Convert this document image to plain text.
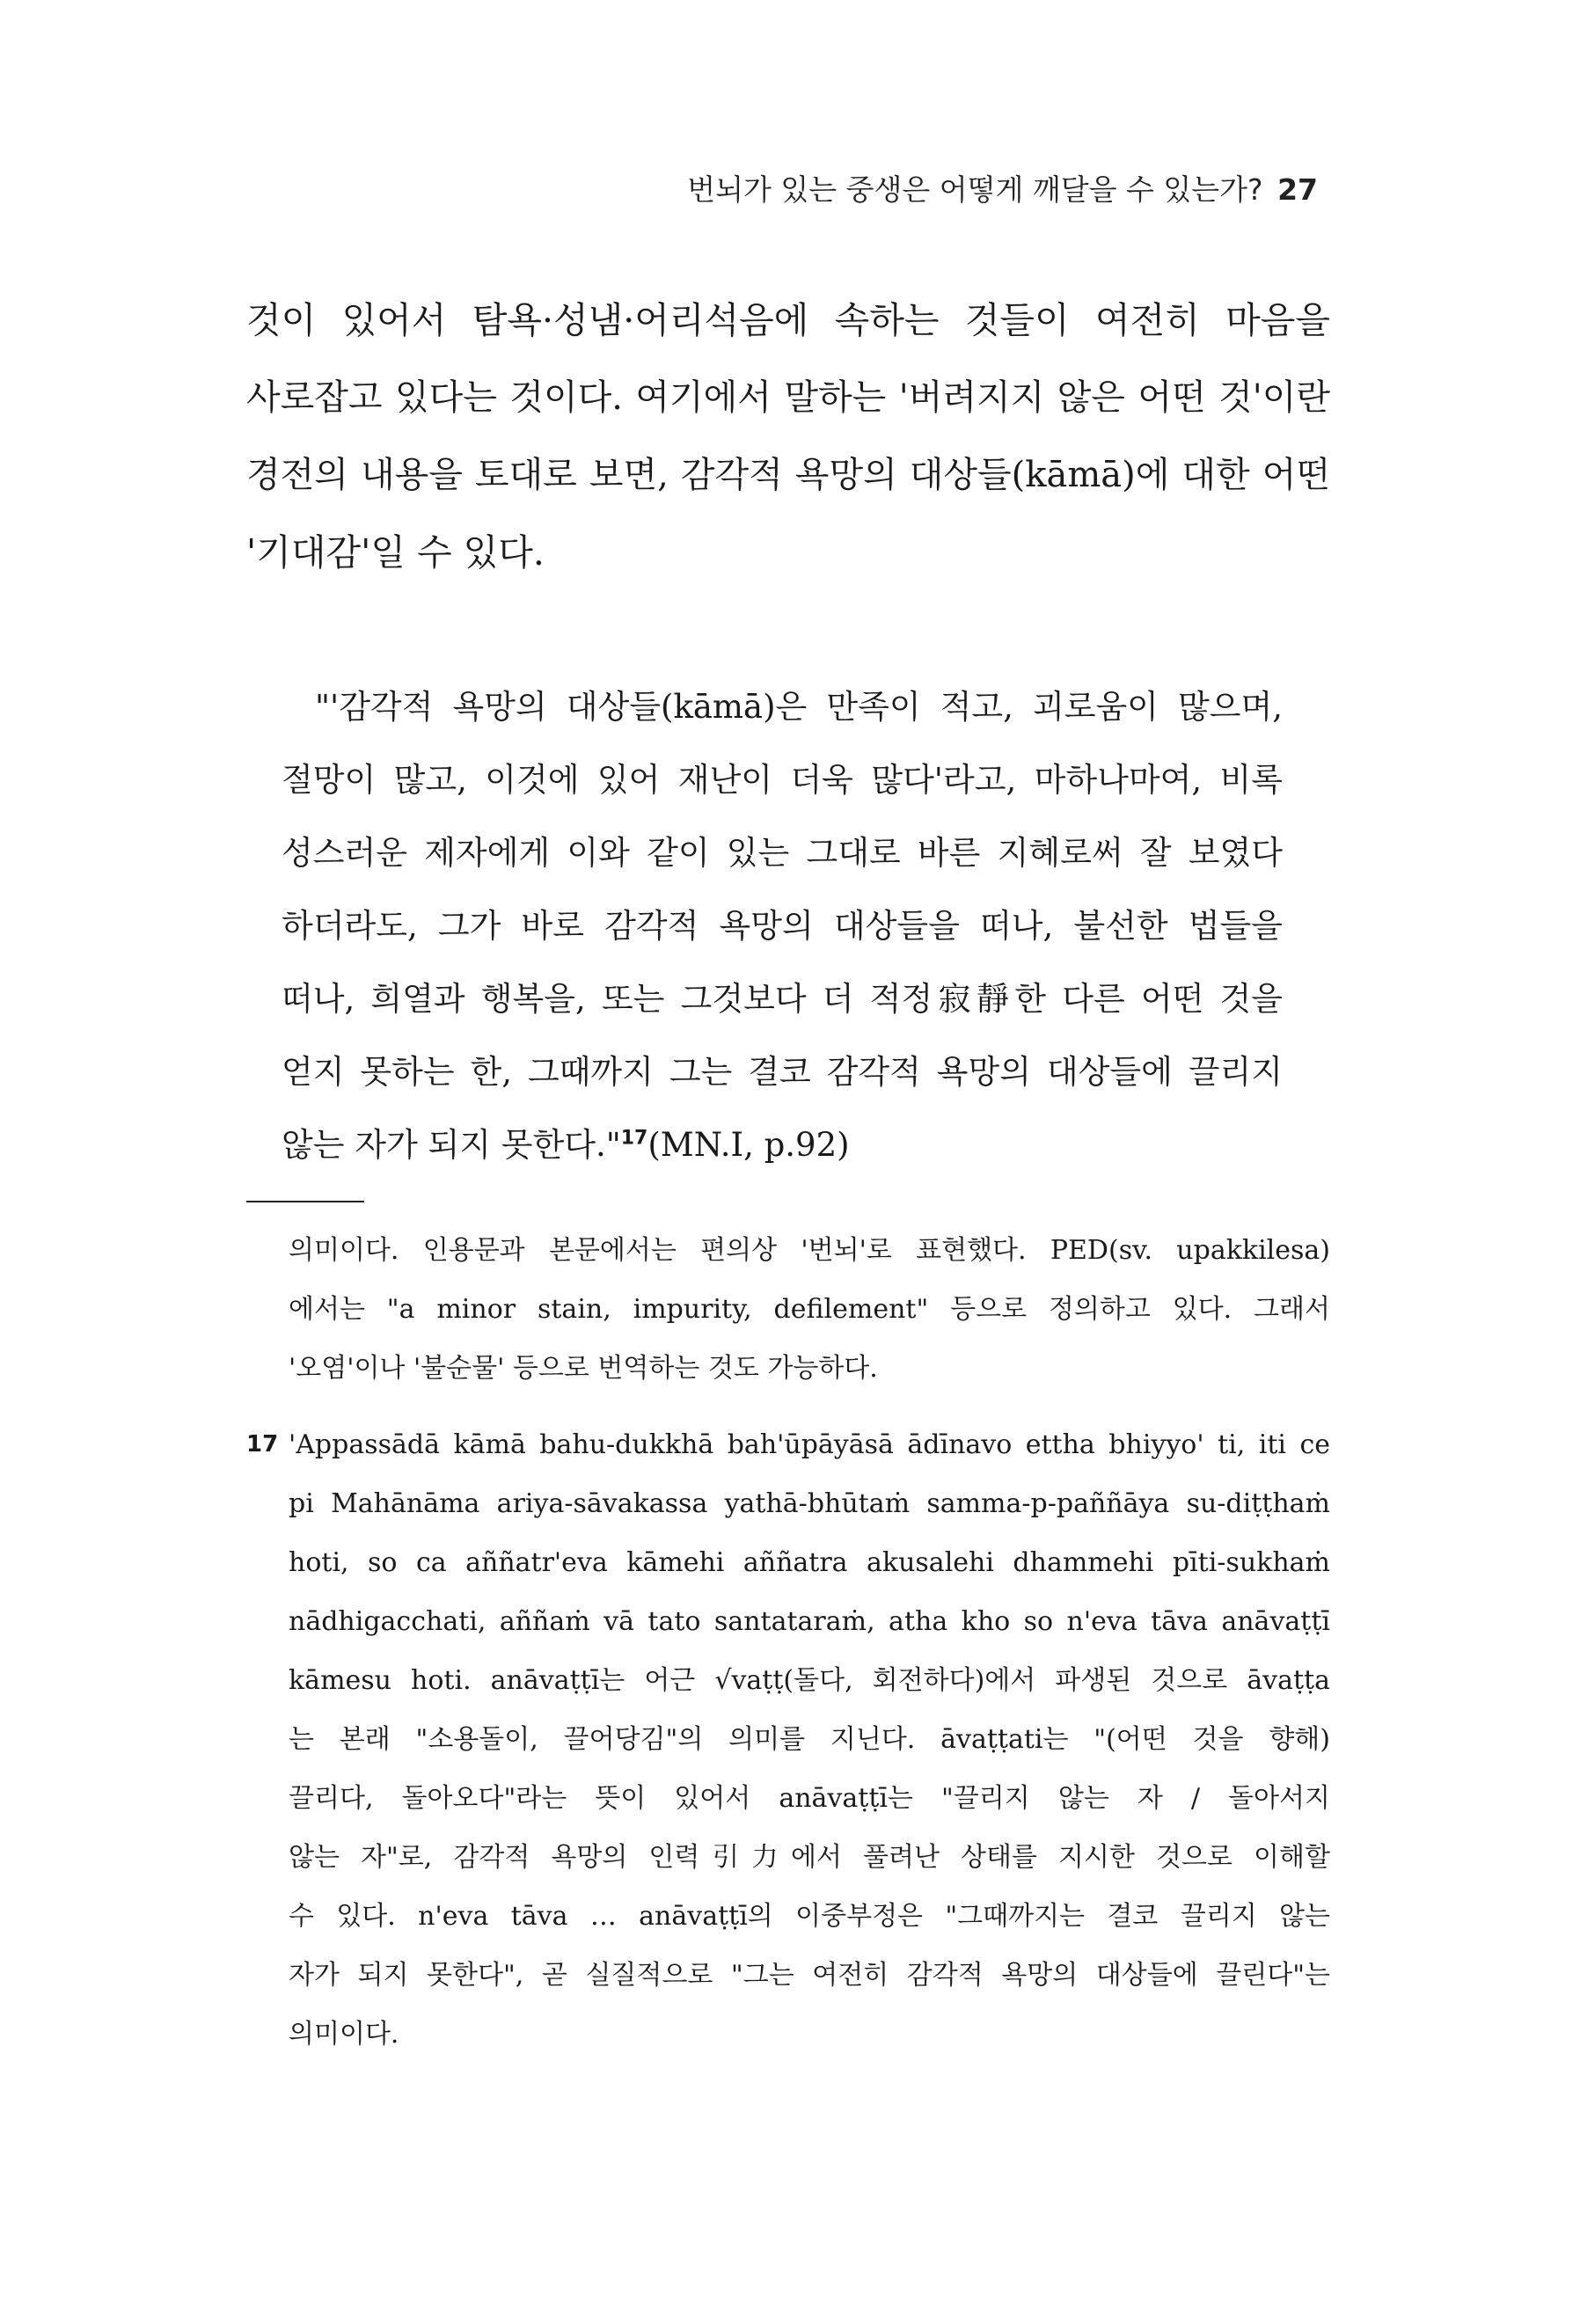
번뇌가 있는 중생은 어떻게 깨달을 수 있는가? 27
것이 있어서 탐욕·성냄·어리석음에 속하는 것들이 여전히 마음을
사로잡고 있다는 것이다. 여기에서 말하는 '버려지지 않은 어떤 것'이란
경전의 내용을 토대로 보면, 감각적 욕망의 대상들(kāmā)에 대한 어떤
'기대감'일 수 있다.
"'감각적 욕망의 대상들(kāmā)은 만족이 적고, 괴로움이 많으며,
절망이 많고, 이것에 있어 재난이 더욱 많다'라고, 마하나마여, 비록
성스러운 제자에게 이와 같이 있는 그대로 바른 지혜로써 잘 보였다
하더라도, 그가 바로 감각적 욕망의 대상들을 떠나, 불선한 법들을
떠나, 희열과 행복을, 또는 그것보다 더 적정寂靜한 다른 어떤 것을
얻지 못하는 한, 그때까지 그는 결코 감각적 욕망의 대상들에 끌리지
않는 자가 되지 못한다."$^{17}$(MN.I, p.92)
의미이다. 인용문과 본문에서는 편의상 '번뇌'로 표현했다. PED(sv. upakkilesa)
에서는 "a minor stain, impurity, defilement" 등으로 정의하고 있다. 그래서
'오염'이나 '불순물' 등으로 번역하는 것도 가능하다.
17 'Appassādā kāmā bahu-dukkhā bah'ūpāyāsā ādīnavo ettha bhiyyo' ti, iti ce
pi Mahānāma ariya-sāvakassa yathā-bhūtaṁ samma-p-paññāya su-diṭṭhaṁ
hoti, so ca aññatr'eva kāmehi aññatra akusalehi dhammehi pīti-sukhaṁ
nādhigacchati, aññaṁ vā tato santataraṁ, atha kho so n'eva tāva anāvaṭṭī
kāmesu hoti. anāvaṭṭī는 어근 √vaṭṭ(돌다, 회전하다)에서 파생된 것으로 āvaṭṭa
는 본래 "소용돌이, 끌어당김"의 의미를 지닌다. āvaṭṭati는 "(어떤 것을 향해)
끌리다, 돌아오다"라는 뜻이 있어서 anāvaṭṭī는 "끌리지 않는 자 / 돌아서지
않는 자"로, 감각적 욕망의 인력引力에서 풀려난 상태를 지시한 것으로 이해할
수 있다. n'eva tāva … anāvaṭṭī의 이중부정은 "그때까지는 결코 끌리지 않는
자가 되지 못한다", 곧 실질적으로 "그는 여전히 감각적 욕망의 대상들에 끌린다"는
의미이다.
